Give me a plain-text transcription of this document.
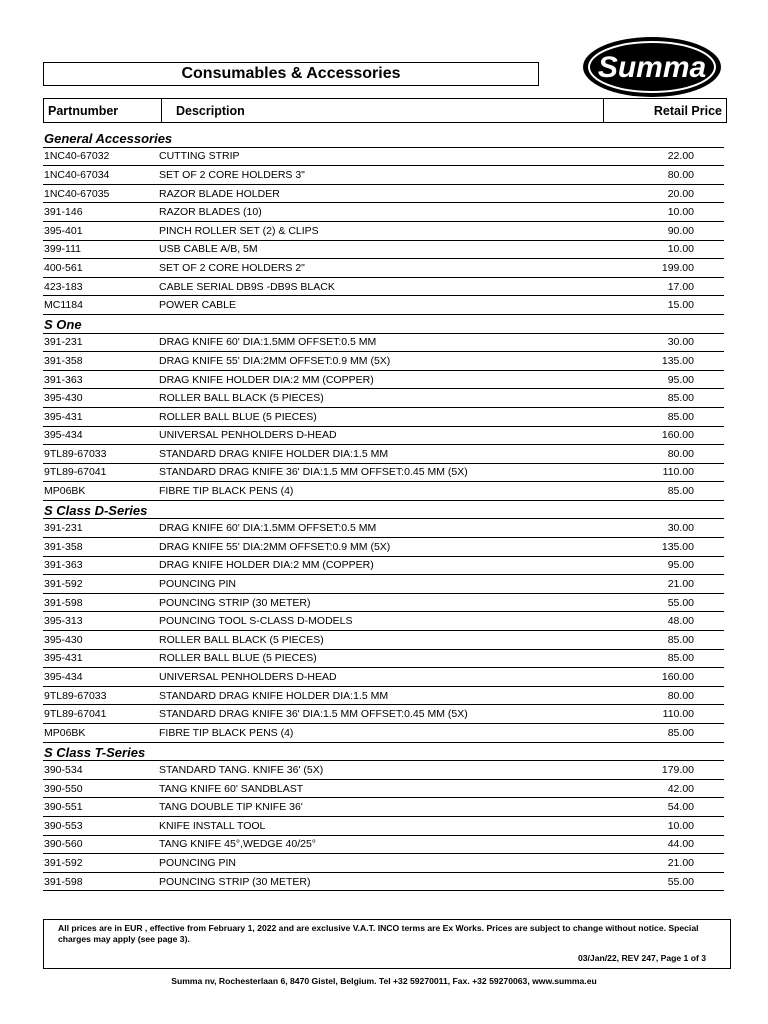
Consumables & Accessories	Summa
Partnumber	Description	Retail Price
General Accessories
1NC40-67032	CUTTING STRIP	22.00
1NC40-67034	SET OF 2 CORE HOLDERS 3"	80.00
1NC40-67035	RAZOR BLADE HOLDER	20.00
391-146	RAZOR BLADES (10)	10.00
395-401	PINCH ROLLER SET (2) & CLIPS	90.00
399-111	USB CABLE A/B, 5M	10.00
400-561	SET OF 2 CORE HOLDERS 2"	199.00
423-183	CABLE SERIAL DB9S -DB9S BLACK	17.00
MC1184	POWER CABLE	15.00
S One
391-231	DRAG KNIFE 60' DIA:1.5MM OFFSET:0.5 MM	30.00
391-358	DRAG KNIFE 55' DIA:2MM OFFSET:0.9 MM (5X)	135.00
391-363	DRAG KNIFE HOLDER DIA:2 MM (COPPER)	95.00
395-430	ROLLER BALL BLACK (5 PIECES)	85.00
395-431	ROLLER BALL BLUE (5 PIECES)	85.00
395-434	UNIVERSAL PENHOLDERS D-HEAD	160.00
9TL89-67033	STANDARD DRAG KNIFE HOLDER DIA:1.5 MM	80.00
9TL89-67041	STANDARD DRAG KNIFE 36' DIA:1.5 MM OFFSET:0.45 MM (5X)	110.00
MP06BK	FIBRE TIP BLACK PENS (4)	85.00
S Class D-Series
391-231	DRAG KNIFE 60' DIA:1.5MM OFFSET:0.5 MM	30.00
391-358	DRAG KNIFE 55' DIA:2MM OFFSET:0.9 MM (5X)	135.00
391-363	DRAG KNIFE HOLDER DIA:2 MM (COPPER)	95.00
391-592	POUNCING PIN	21.00
391-598	POUNCING STRIP (30 METER)	55.00
395-313	POUNCING TOOL S-CLASS D-MODELS	48.00
395-430	ROLLER BALL BLACK (5 PIECES)	85.00
395-431	ROLLER BALL BLUE (5 PIECES)	85.00
395-434	UNIVERSAL PENHOLDERS D-HEAD	160.00
9TL89-67033	STANDARD DRAG KNIFE HOLDER DIA:1.5 MM	80.00
9TL89-67041	STANDARD DRAG KNIFE 36' DIA:1.5 MM OFFSET:0.45 MM (5X)	110.00
MP06BK	FIBRE TIP BLACK PENS (4)	85.00
S Class T-Series
390-534	STANDARD TANG. KNIFE 36' (5X)	179.00
390-550	TANG KNIFE 60' SANDBLAST	42.00
390-551	TANG DOUBLE TIP KNIFE 36'	54.00
390-553	KNIFE INSTALL TOOL	10.00
390-560	TANG KNIFE 45°,WEDGE 40/25°	44.00
391-592	POUNCING PIN	21.00
391-598	POUNCING STRIP (30 METER)	55.00
All prices are in EUR , effective from February 1, 2022 and are exclusive V.A.T. INCO terms are Ex Works. Prices are subject to change without notice. Special charges may apply (see page 3).
03/Jan/22, REV 247, Page 1 of 3
Summa nv, Rochesterlaan 6, 8470 Gistel, Belgium. Tel +32 59270011, Fax. +32 59270063, www.summa.eu
